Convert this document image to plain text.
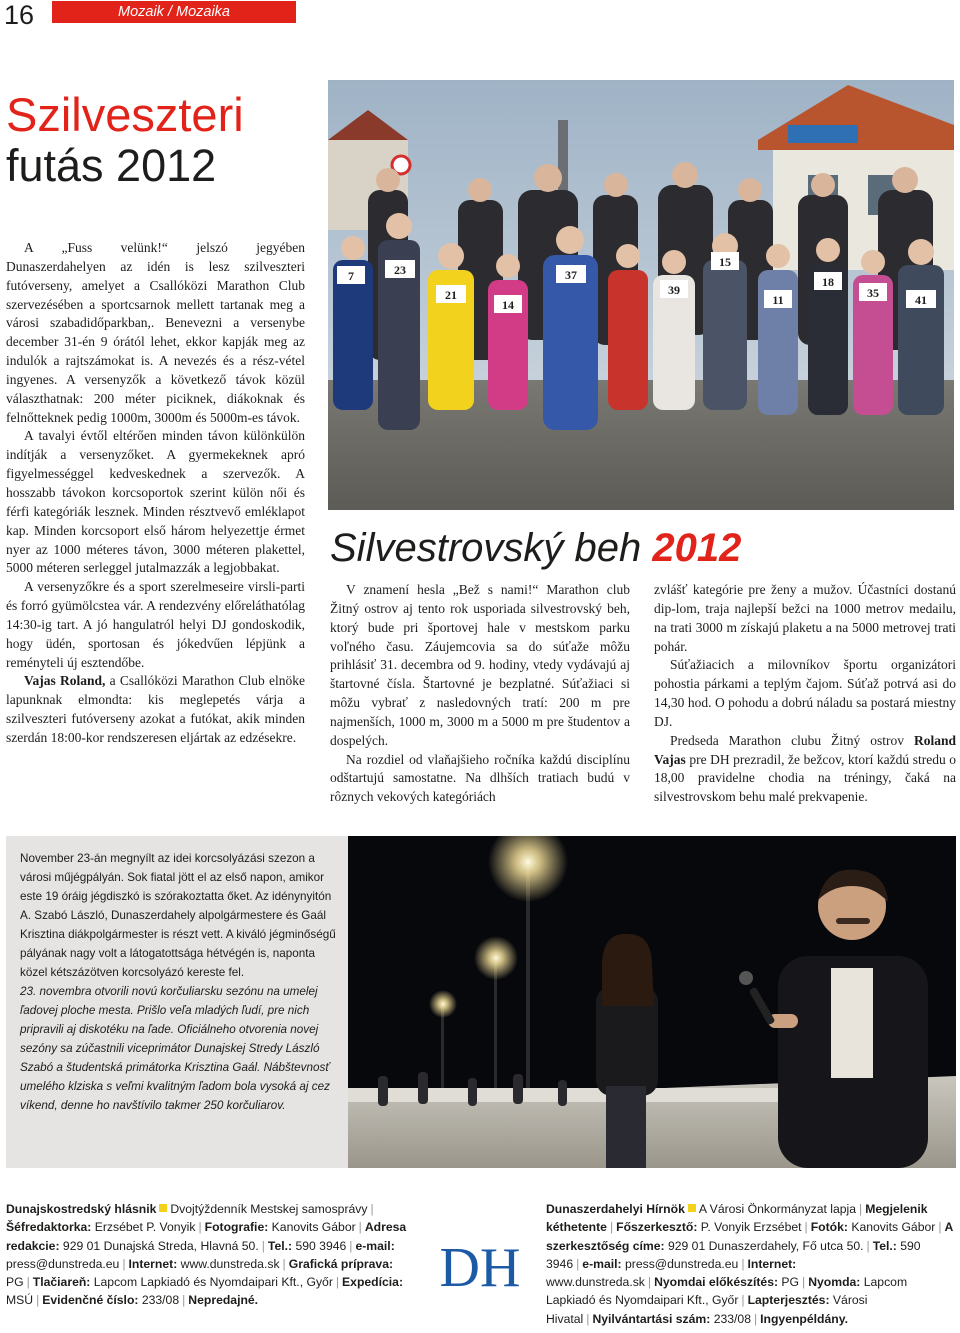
16	Mozaik / Mozaika
Szilveszteri
futás 2012

A „Fuss velünk!“ jelszó jegyében Dunaszerdahelyen az idén is lesz szilveszteri futóverseny, amelyet a Csallóközi Marathon Club szervezésében a sportcsarnok mellett tartanak meg a városi szabadidőparkban,. Benevezni a versenybe december 31-én 9 órától lehet, ekkor kapják meg az indulók a rajtszámokat is. A nevezés és a rész-vétel ingyenes. A versenyzők a következő távok közül választhatnak: 200 méter piciknek, diákoknak és felnőtteknek pedig 1000m, 3000m és 5000m-es távok.

A tavalyi évtől eltérően minden távon különkülön indítják a versenyzőket. A gyermekeknek apró figyelmességgel kedveskednek a szervezők. A hosszabb távokon korcsoportok szerint külön női és férfi kategóriák lesznek. Minden résztvevő emléklapot kap. Minden korcsoport első három helyezettje érmet nyer az 1000 méteres távon, 3000 méteren plakettel, 5000 méteren serleggel jutalmazzák a legjobbakat.

A versenyzőkre és a sport szerelmeseire virsli-parti és forró gyümölcstea vár. A rendezvény előreláthatólag 14:30-ig tart. A jó hangulatról helyi DJ gondoskodik, hogy üdén, sportosan és jókedvűen lépjünk a reményteli új esztendőbe.

Vajas Roland, a Csallóközi Marathon Club elnöke lapunknak elmondta: kis meglepetés várja a szilveszteri futóverseny azokat a futókat, akik minden szerdán 18:00-kor rendszeresen eljártak az edzésekre.

7	23
21
14
37
39
15
11
18
35	41
Silvestrovský beh 2012

V znamení hesla „Bež s nami!“ Marathon club Žitný ostrov aj tento rok usporiada silvestrovský beh, ktorý bude pri športovej hale v mestskom parku voľného času. Záujemcovia sa do súťaže môžu prihlásiť 31. decembra od 9. hodiny, vtedy vydávajú aj štartovné čísla. Štartovné je bezplatné. Súťažiaci si môžu vybrať z nasledovných tratí: 200 m pre najmenších, 1000 m, 3000 m a 5000 m pre študentov a dospelých.

Na rozdiel od vlaňajšieho ročníka každú disciplínu odštartujú samostatne. Na dlhších tratiach budú v rôznych vekových kategóriách

zvlášť kategórie pre ženy a mužov. Účastníci dostanú dip-lom, traja najlepší bežci na 1000 metrov medailu, na trati 3000 m získajú plaketu a na 5000 metrovej trati pohár.

Súťažiacich a milovníkov športu organizátori pohostia párkami a teplým čajom. Súťaž potrvá asi do 14,30 hod. O pohodu a dobrú náladu sa postará miestny DJ.

Predseda Marathon clubu Žitný ostrov Roland Vajas pre DH prezradil, že bežcov, ktorí každú stredu o 18,00 pravidelne chodia na tréningy, čaká na silvestrovskom behu malé prekvapenie.

November 23-án megnyílt az idei korcsolyázási szezon a városi műjégpályán. Sok fiatal jött el az első napon, amikor este 19 óráig jégdiszkó is szórakoztatta őket. Az idénynyitón A. Szabó László, Dunaszerdahely alpolgármestere és Gaál Krisztina diákpolgármester is részt vett. A kiváló jégminőségű pályának nagy volt a látogatottsága hétvégén is, naponta közel kétszázötven korcsolyázó kereste fel.

23. novembra otvorili novú korčuliarsku sezónu na umelej ľadovej ploche mesta. Prišlo veľa mladých ľudí, pre nich pripravili aj diskotéku na ľade. Oficiálneho otvorenia novej sezóny sa zúčastnili viceprimátor Dunajskej Stredy László Szabó a študentská primátorka Krisztina Gaál. Nábštevnosť umelého klziska s veľmi kvalitným ľadom bola vysoká aj cez víkend, denne ho navštívilo takmer 250 korčuliarov.

Dunajskostredský hlásnik Dvojtýždenník Mestskej samosprávy |Šéfredaktorka: Erzsébet P. Vonyik | Fotografie: Kanovits Gábor | Adresa redakcie: 929 01 Dunajská Streda, Hlavná 50. | Tel.: 590 3946 | e-mail: press@dunstreda.eu | Internet: www.dunstreda.sk | Grafická príprava: PG | Tlačiareň: Lapcom Lapkiadó és Nyomdaipari Kft., Győr | Expedícia: MSÚ | Evidenčné číslo: 233/08 | Nepredajné.
DH
Dunaszerdahelyi Hírnök A Városi Önkormányzat lapja | Megjelenik kéthetente | Főszerkesztő: P. Vonyik Erzsébet | Fotók: Kanovits Gábor | A szerkesztőség címe: 929 01 Dunaszerdahely, Fő utca 50. | Tel.: 590 3946 | e-mail: press@dunstreda.eu | Internet: www.dunstreda.sk | Nyomdai előkészítés: PG | Nyomda: Lapcom Lapkiadó és Nyomdaipari Kft., Győr | Lapterjesztés: Városi Hivatal | Nyilvántartási szám: 233/08 | Ingyenpéldány.
